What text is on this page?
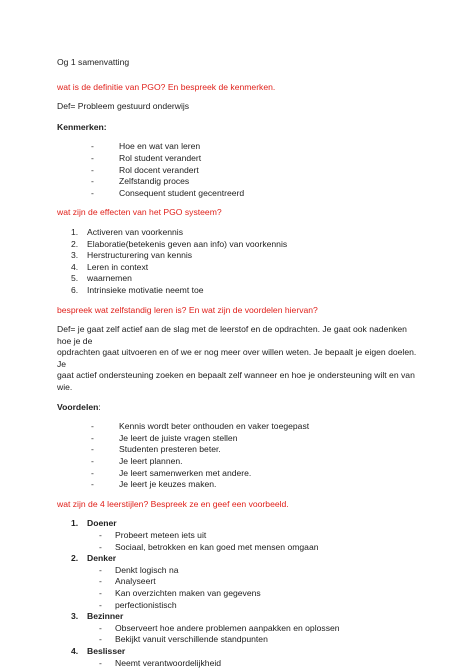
Og 1 samenvatting

wat is de definitie van PGO? En bespreek de kenmerken.

Def= Probleem gestuurd onderwijs

Kenmerken:

-	Hoe en wat van leren
-	Rol student verandert
-	Rol docent verandert
-	Zelfstandig proces
-	Consequent student gecentreerd

wat zijn de effecten van het PGO systeem?

1.	Activeren van voorkennis
2.	Elaboratie(betekenis geven aan info) van voorkennis
3.	Herstructurering van kennis
4.	Leren in context
5.	waarnemen
6.	Intrinsieke motivatie neemt toe

bespreek wat zelfstandig leren is? En wat zijn de voordelen hiervan?

Def= je gaat zelf actief aan de slag met de leerstof en de opdrachten. Je gaat ook nadenken hoe je de

opdrachten gaat uitvoeren en of we er nog meer over willen weten. Je bepaalt je eigen doelen. Je

gaat actief ondersteuning zoeken en bepaalt zelf wanneer en hoe je ondersteuning wilt en van wie.

Voordelen:

-	Kennis wordt beter onthouden en vaker toegepast
-	Je leert de juiste vragen stellen
-	Studenten presteren beter.
-	Je leert plannen.
-	Je leert samenwerken met andere.
-	Je leert je keuzes maken.

wat zijn de 4 leerstijlen? Bespreek ze en geef een voorbeeld.

1.	Doener
-	Probeert meteen iets uit
-	Sociaal, betrokken en kan goed met mensen omgaan
2.	Denker
-	Denkt logisch na
-	Analyseert
-	Kan overzichten maken van gegevens
-	perfectionistisch
3.	Bezinner
-	Observeert hoe andere problemen aanpakken en oplossen
-	Bekijkt vanuit verschillende standpunten
4.	Beslisser
-	Neemt verantwoordelijkheid
